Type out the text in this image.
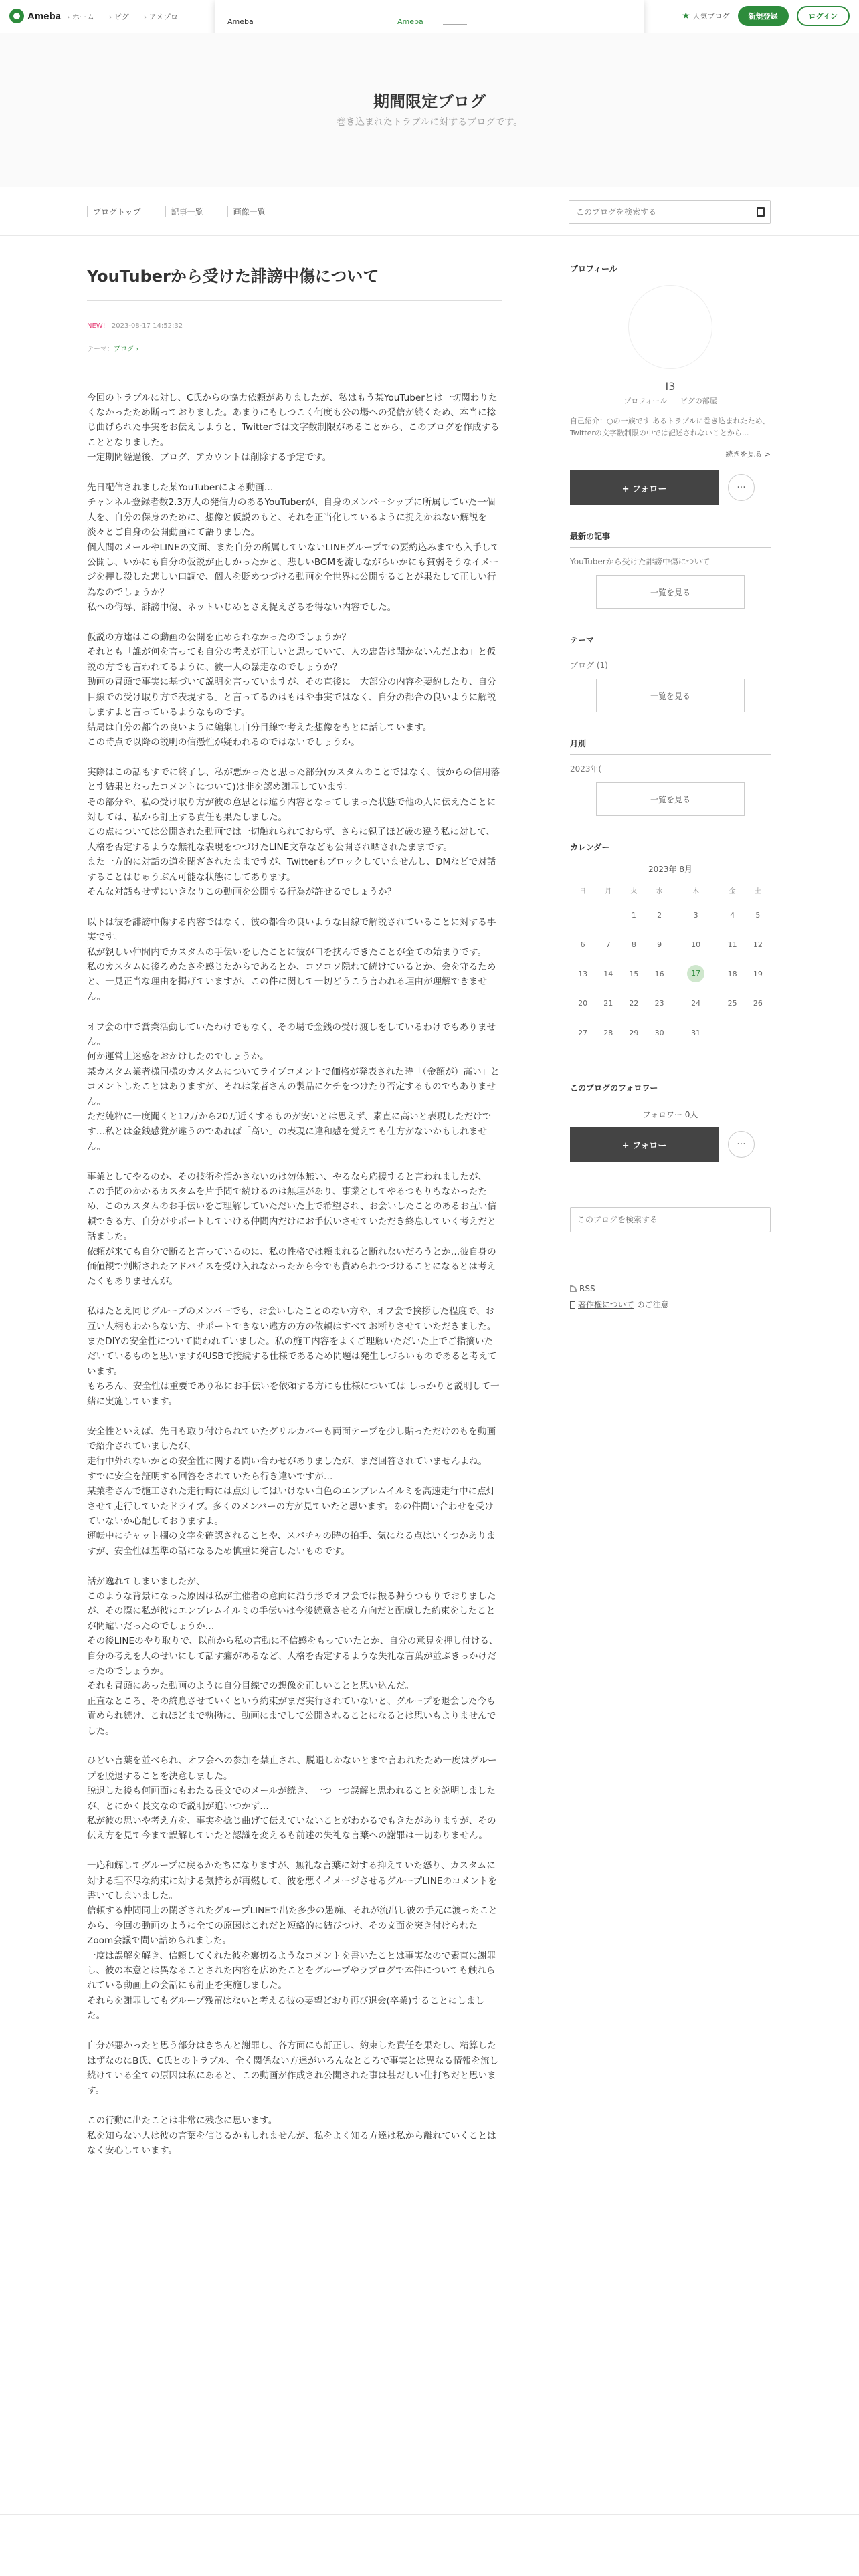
Ameba	› ホーム	› ピグ	› アメブロ	★ 人気ブログ	新規登録	ログイン
Ameba	Ameba
期間限定ブログ
巻き込まれたトラブルに対するブログです。
ブログトップ	記事一覧	画像一覧
このブログを検索する
YouTuberから受けた誹謗中傷について
NEW! 2023-08-17 14:52:32
テーマ：ブログ ›

今回のトラブルに対し、C氏からの協力依頼がありましたが、私はもう某YouTuberとは一切関わりたくなかったため断っておりました。あまりにもしつこく何度も公の場への発信が続くため、本当に捻じ曲げられた事実をお伝えしようと、Twitterでは文字数制限があることから、このブログを作成することとなりました。
一定期間経過後、ブログ、アカウントは削除する予定です。

先日配信されました某YouTuberによる動画…
チャンネル登録者数2.3万人の発信力のあるYouTuberが、自身のメンバーシップに所属していた一個人を、自分の保身のために、想像と仮説のもと、それを正当化しているように捉えかねない解説を淡々とご自身の公開動画にて語りました。
個人間のメールやLINEの文面、また自分の所属していないLINEグループでの要約込みまでも入手して公開し、いかにも自分の仮説が正しかったかと、悲しいBGMを流しながらいかにも貧弱そうなイメージを押し殺した悲しい口調で、個人を貶めつづける動画を全世界に公開することが果たして正しい行為なのでしょうか？
私への侮辱、誹謗中傷、ネットいじめとさえ捉えざるを得ない内容でした。

仮説の方達はこの動画の公開を止められなかったのでしょうか？
それとも「誰が何を言っても自分の考えが正しいと思っていて、人の忠告は聞かないんだよね」と仮説の方でも言われてるように、彼一人の暴走なのでしょうか？
動画の冒頭で事実に基づいて説明を言っていますが、その直後に「大部分の内容を要約したり、自分目線での受け取り方で表現する」と言ってるのはもはや事実ではなく、自分の都合の良いように解説しますよと言っているようなものです。
結局は自分の都合の良いように編集し自分目線で考えた想像をもとに話しています。
この時点で以降の説明の信憑性が疑われるのではないでしょうか。

実際はこの話もすでに終了し、私が悪かったと思った部分(カスタムのことではなく、彼からの信用落とす結果となったコメントについて)は非を認め謝罪しています。
その部分や、私の受け取り方が彼の意思とは違う内容となってしまった状態で他の人に伝えたことに対しては、私から訂正する責任も果たしました。
この点については公開された動画では一切触れられておらず、さらに親子ほど歳の違う私に対して、人格を否定するような無礼な表現をつづけたLINE文章なども公開され晒されたままです。
また一方的に対話の道を閉ざされたままですが、Twitterもブロックしていませんし、DMなどで対話することはじゅうぶん可能な状態にしてあります。
そんな対話もせずにいきなりこの動画を公開する行為が許せるでしょうか？

以下は彼を誹謗中傷する内容ではなく、彼の都合の良いような目線で解説されていることに対する事実です。
私が親しい仲間内でカスタムの手伝いをしたことに彼が口を挟んできたことが全ての始まりです。
私のカスタムに後ろめたさを感じたからであるとか、コソコソ隠れて続けているとか、会を守るためと、一見正当な理由を掲げていますが、この件に関して一切どうこう言われる理由が理解できません。

オフ会の中で営業活動していたわけでもなく、その場で金銭の受け渡しをしているわけでもありません。
何か運営上迷惑をおかけしたのでしょうか。
某カスタム業者様同様のカスタムについてライブコメントで価格が発表された時「（金額が）高い」とコメントしたことはありますが、それは業者さんの製品にケチをつけたり否定するものでもありません。
ただ純粋に一度聞くと12万から20万近くするものが安いとは思えず、素直に高いと表現しただけです…私とは金銭感覚が違うのであれば「高い」の表現に違和感を覚えても仕方がないかもしれません。

事業としてやるのか、その技術を活かさないのは勿体無い、やるなら応援すると言われましたが、
この手間のかかるカスタムを片手間で続けるのは無理があり、事業としてやるつもりもなかったため、このカスタムのお手伝いをご理解していただいた上で希望され、お会いしたことのあるお互い信頼できる方、自分がサポートしていける仲間内だけにお手伝いさせていただき終息していく考えだと話ました。
依頼が来ても自分で断ると言っているのに、私の性格では頼まれると断れないだろうとか…彼自身の価値観で判断されたアドバイスを受け入れなかったから今でも責められつづけることになるとは考えたくもありませんが。

私はたとえ同じグループのメンバーでも、お会いしたことのない方や、オフ会で挨拶した程度で、お互い人柄もわからない方、サポートできない遠方の方の依頼はすべてお断りさせていただきました。
またDIYの安全性について問われていました。私の施工内容をよくご理解いただいた上でご指摘いただいているものと思いますがUSBで接続する仕様であるため問題は発生しづらいものであると考えています。
もちろん、安全性は重要であり私にお手伝いを依頼する方にも仕様については しっかりと説明して一緒に実施しています。

安全性といえば、先日も取り付けられていたグリルカバーも両面テープを少し貼っただけのもを動画で紹介されていましたが、
走行中外れないかとの安全性に関する問い合わせがありましたが、まだ回答されていませんよね。
すでに安全を証明する回答をされていたら行き違いですが…
某業者さんで施工された走行時には点灯してはいけない白色のエンブレムイルミを高速走行中に点灯させて走行していたドライブ。多くのメンバーの方が見ていたと思います。あの件問い合わせを受けていないか心配しておりますよ。
運転中にチャット欄の文字を確認されることや、スパチャの時の拍手、気になる点はいくつかありますが、安全性は基準の話になるため慎重に発言したいものです。

話が逸れてしまいましたが、
このような背景になった原因は私が主催者の意向に沿う形でオフ会では振る舞うつもりでおりましたが、その際に私が彼にエンブレムイルミの手伝いは今後続意させる方向だと配慮した約束をしたことが間違いだったのでしょうか…
その後LINEのやり取りで、以前から私の言動に不信感をもっていたとか、自分の意見を押し付ける、自分の考えを人のせいにして話す癖があるなど、人格を否定するような失礼な言葉が並ぶきっかけだったのでしょうか。
それも冒頭にあった動画のように自分目線での想像を正しいことと思い込んだ。
正直なところ、その終息させていくという約束がまだ実行されていないと、グループを退会した今も責められ続け、これほどまで執拗に、動画にまでして公開されることになるとは思いもよりませんでした。

ひどい言葉を並べられ、オフ会への参加を禁止され、脱退しかないとまで言われたため一度はグループを脱退することを決意しました。
脱退した後も何画面にもわたる長文でのメールが続き、一つ一つ誤解と思われることを説明しましたが、とにかく長文なので説明が追いつかず…
私が彼の思いや考え方を、事実を捻じ曲げて伝えていないことがわかるでもきたがありますが、その伝え方を見て今まで誤解していたと認識を変えるも前述の失礼な言葉への謝罪は一切ありません。

一応和解してグループに戻るかたちになりますが、無礼な言葉に対する抑えていた怒り、カスタムに対する理不尽な約束に対する気持ちが再燃して、彼を悪くイメージさせるグループLINEのコメントを書いてしまいました。
信頼する仲間同士の閉ざされたグループLINEで出た多少の愚痴、それが流出し彼の手元に渡ったことから、今回の動画のように全ての原因はこれだと短絡的に結びつけ、その文面を突き付けられたZoom会議で問い詰められました。
一度は誤解を解き、信頼してくれた彼を裏切るようなコメントを書いたことは事実なので素直に謝罪し、彼の本意とは異なることされた内容を広めたことをグループやラブログで本件についても触れられている動画上の会話にも訂正を実施しました。
それらを謝罪してもグループ残留はないと考える彼の要望どおり再び退会(卒業)することにしました。

自分が悪かったと思う部分はきちんと謝罪し、各方面にも訂正し、約束した責任を果たし、精算したはずなのにB氏、C氏とのトラブル、全く関係ない方達がいろんなところで事実とは異なる情報を流し続けている全ての原因は私にあると、この動画が作成され公開された事は甚だしい仕打ちだと思います。

この行動に出たことは非常に残念に思います。
私を知らない人は彼の言葉を信じるかもしれませんが、私をよく知る方達は私から離れていくことはなく安心しています。

プロフィール
I3
プロフィール ピグの部屋
自己紹介：○の一族です あるトラブルに巻き込まれたため、Twitterの文字数制限の中では記述されないことから...
続きを見る >
+ フォロー	···
最新の記事
YouTuberから受けた誹謗中傷について
一覧を見る
テーマ
ブログ (1)
一覧を見る
月別
2023年(
一覧を見る
カレンダー
2023年 8月
日	月	火	水	木	金	土
		1	2	3	4	5
6	7	8	9	10	11	12
13	14	15	16	17	18	19
20	21	22	23	24	25	26
27	28	29	30	31		
このブログのフォロワー
フォロワー 0人
+ フォロー	···
このブログを検索する
RSS
著作権について のご注意
